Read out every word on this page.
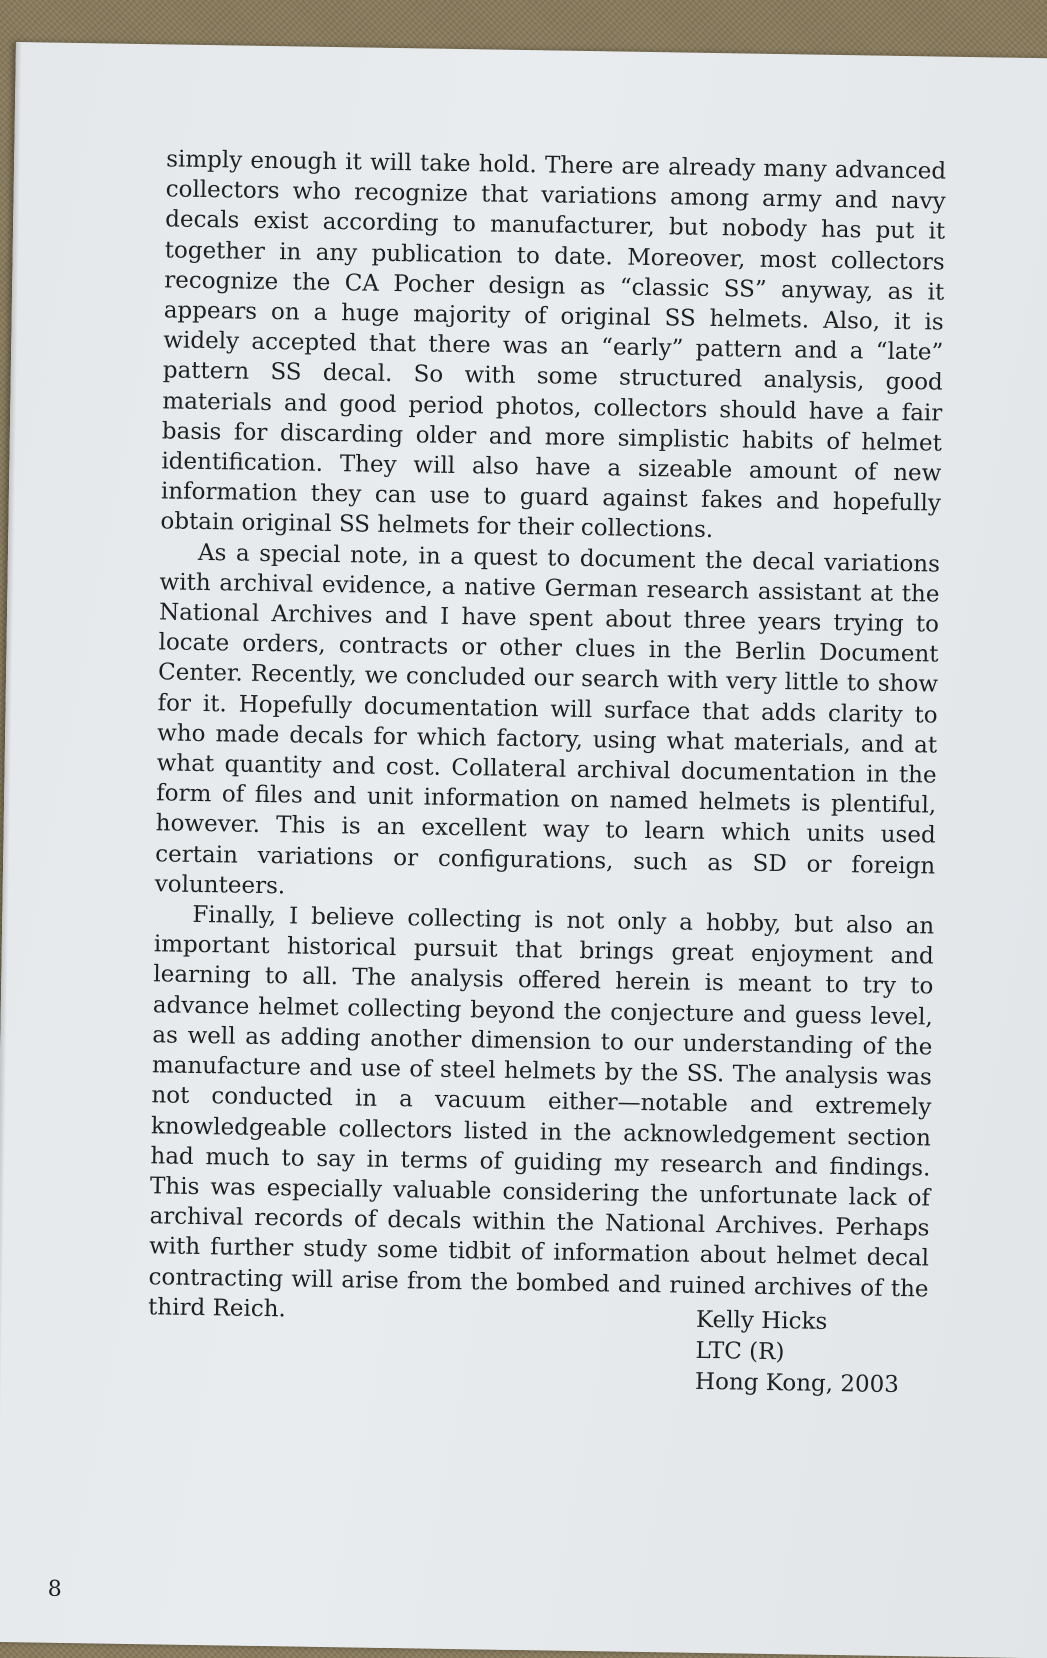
simply enough it will take hold. There are already many advanced collectors who recognize that variations among army and navy decals exist according to manufacturer, but nobody has put it together in any publication to date. Moreover, most collectors recognize the CA Pocher design as “classic SS” anyway, as it appears on a huge majority of original SS helmets. Also, it is widely accepted that there was an “early” pattern and a “late” pattern SS decal. So with some structured analysis, good materials and good period photos, collectors should have a fair basis for discarding older and more simplistic habits of helmet identification. They will also have a sizeable amount of new information they can use to guard against fakes and hopefully obtain original SS helmets for their collections.

As a special note, in a quest to document the decal variations with archival evidence, a native German research assistant at the National Archives and I have spent about three years trying to locate orders, contracts or other clues in the Berlin Document Center. Recently, we concluded our search with very little to show for it. Hopefully documentation will surface that adds clarity to who made decals for which factory, using what materials, and at what quantity and cost. Collateral archival documentation in the form of files and unit information on named helmets is plentiful, however. This is an excellent way to learn which units used certain variations or configurations, such as SD or foreign volunteers.

Finally, I believe collecting is not only a hobby, but also an important historical pursuit that brings great enjoyment and learning to all. The analysis offered herein is meant to try to advance helmet collecting beyond the conjecture and guess level, as well as adding another dimension to our understanding of the manufacture and use of steel helmets by the SS. The analysis was not conducted in a vacuum either—notable and extremely knowledgeable collectors listed in the acknowledgement section had much to say in terms of guiding my research and findings. This was especially valuable considering the unfortunate lack of archival records of decals within the National Archives. Perhaps with further study some tidbit of information about helmet decal contracting will arise from the bombed and ruined archives of the third Reich.	Kelly Hicks
LTC (R)
Hong Kong, 2003
8
